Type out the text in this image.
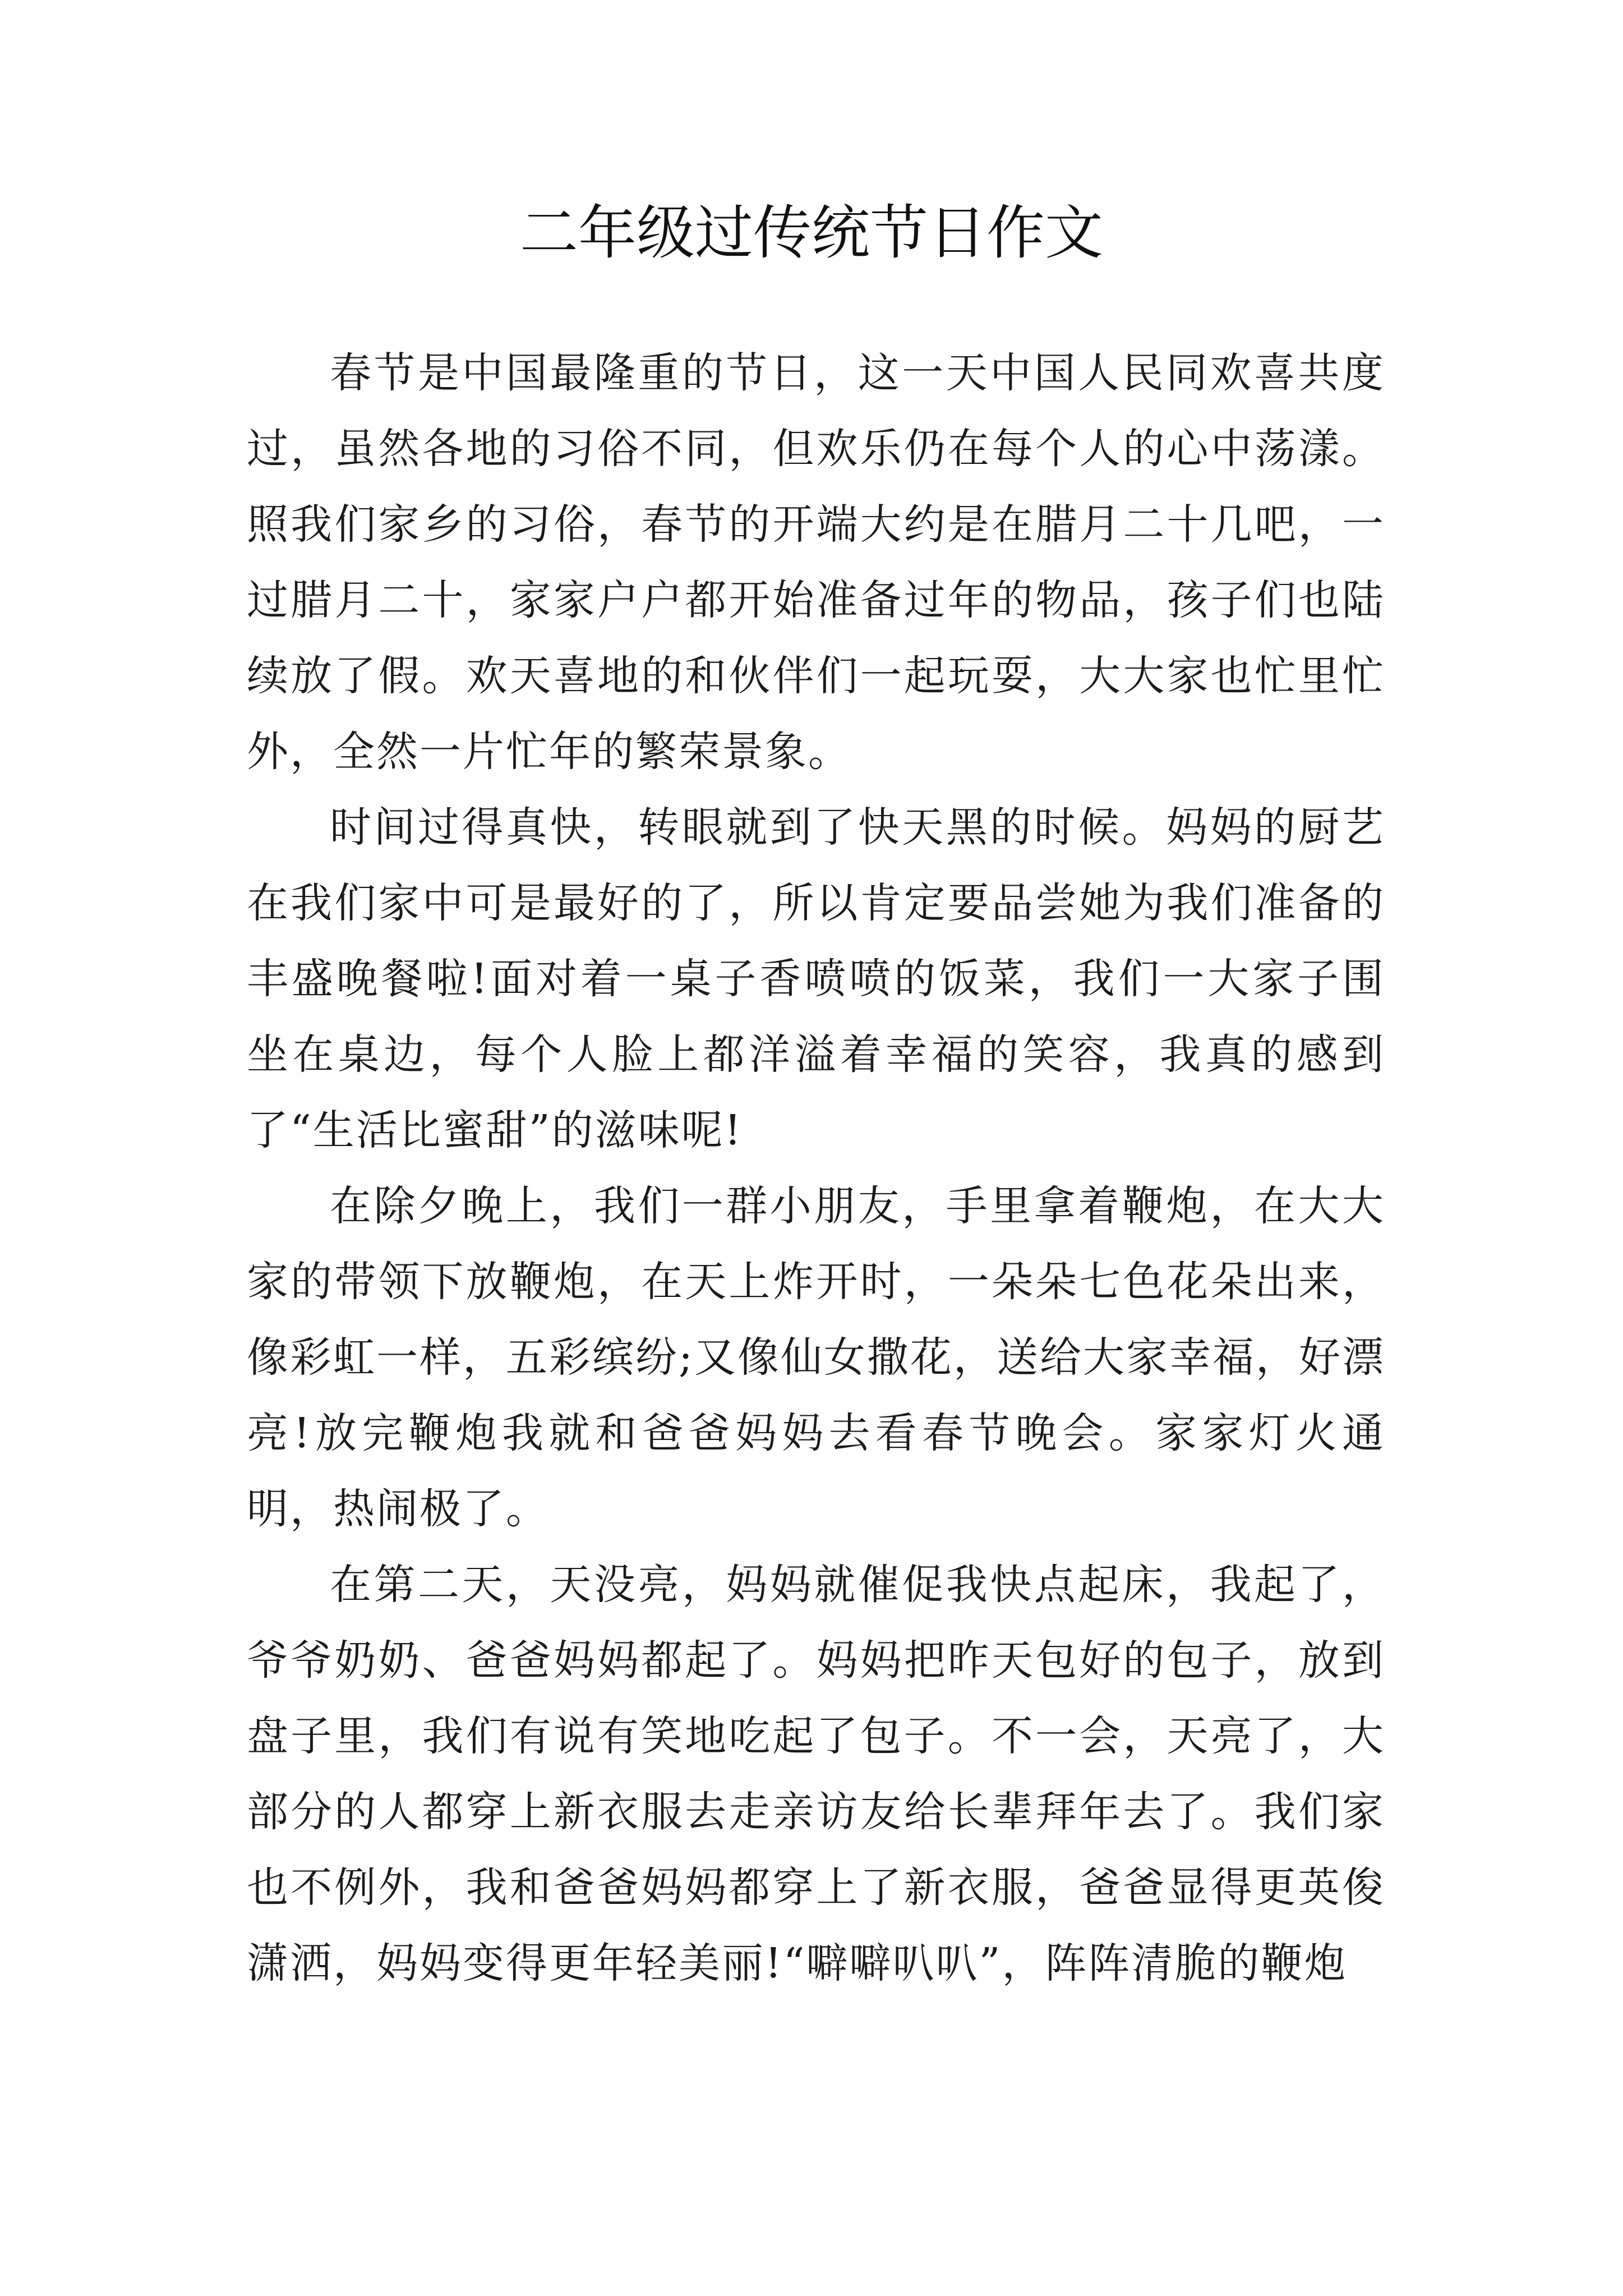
二年级过传统节日作文

春节是中国最隆重的节日，这一天中国人民同欢喜共度过，虽然各地的习俗不同，但欢乐仍在每个人的心中荡漾。照我们家乡的习俗，春节的开端大约是在腊月二十几吧，一过腊月二十，家家户户都开始准备过年的物品，孩子们也陆续放了假。欢天喜地的和伙伴们一起玩耍，大大家也忙里忙外，全然一片忙年的繁荣景象。

时间过得真快，转眼就到了快天黑的时候。妈妈的厨艺在我们家中可是最好的了，所以肯定要品尝她为我们准备的丰盛晚餐啦!面对着一桌子香喷喷的饭菜，我们一大家子围坐在桌边，每个人脸上都洋溢着幸福的笑容，我真的感到了“生活比蜜甜”的滋味呢!

在除夕晚上，我们一群小朋友，手里拿着鞭炮，在大大家的带领下放鞭炮，在天上炸开时，一朵朵七色花朵出来，像彩虹一样，五彩缤纷;又像仙女撒花，送给大家幸福，好漂亮!放完鞭炮我就和爸爸妈妈去看春节晚会。家家灯火通明，热闹极了。

在第二天，天没亮，妈妈就催促我快点起床，我起了，爷爷奶奶、爸爸妈妈都起了。妈妈把昨天包好的包子，放到盘子里，我们有说有笑地吃起了包子。不一会，天亮了，大部分的人都穿上新衣服去走亲访友给长辈拜年去了。我们家也不例外，我和爸爸妈妈都穿上了新衣服，爸爸显得更英俊潇洒，妈妈变得更年轻美丽!“噼噼叭叭”，阵阵清脆的鞭炮
